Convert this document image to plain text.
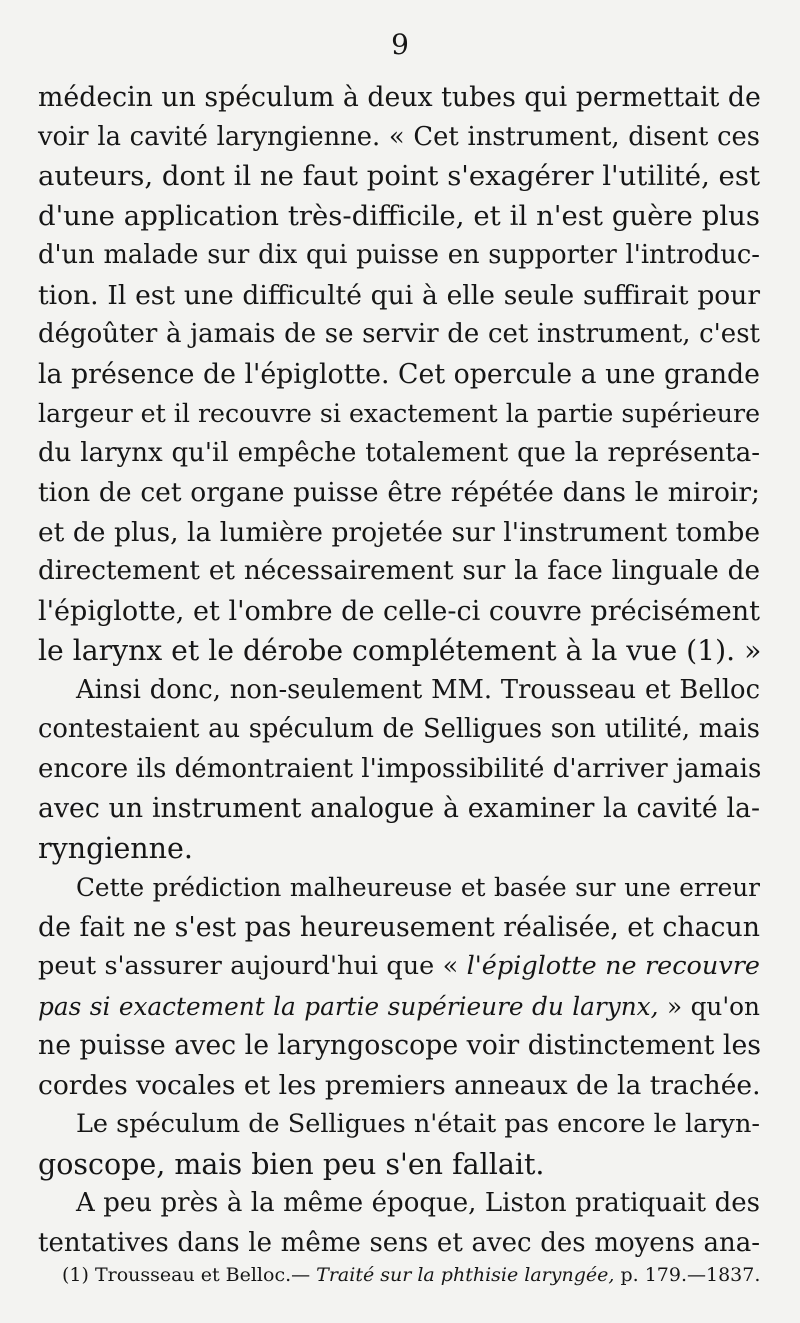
9
médecin un spéculum à deux tubes qui permettait de
voir la cavité laryngienne. « Cet instrument, disent ces
auteurs, dont il ne faut point s'exagérer l'utilité, est
d'une application très-difficile, et il n'est guère plus
d'un malade sur dix qui puisse en supporter l'introduc-
tion. Il est une difficulté qui à elle seule suffirait pour
dégoûter à jamais de se servir de cet instrument, c'est
la présence de l'épiglotte. Cet opercule a une grande
largeur et il recouvre si exactement la partie supérieure
du larynx qu'il empêche totalement que la représenta-
tion de cet organe puisse être répétée dans le miroir;
et de plus, la lumière projetée sur l'instrument tombe
directement et nécessairement sur la face linguale de
l'épiglotte, et l'ombre de celle-ci couvre précisément
le larynx et le dérobe complétement à la vue (1). »
Ainsi donc, non-seulement MM. Trousseau et Belloc
contestaient au spéculum de Selligues son utilité, mais
encore ils démontraient l'impossibilité d'arriver jamais
avec un instrument analogue à examiner la cavité la-
ryngienne.
Cette prédiction malheureuse et basée sur une erreur
de fait ne s'est pas heureusement réalisée, et chacun
peut s'assurer aujourd'hui que « l'épiglotte ne recouvre
pas si exactement la partie supérieure du larynx, » qu'on
ne puisse avec le laryngoscope voir distinctement les
cordes vocales et les premiers anneaux de la trachée.
Le spéculum de Selligues n'était pas encore le laryn-
goscope, mais bien peu s'en fallait.
A peu près à la même époque, Liston pratiquait des
tentatives dans le même sens et avec des moyens ana-
(1) Trousseau et Belloc.— Traité sur la phthisie laryngée, p. 179.—1837.
